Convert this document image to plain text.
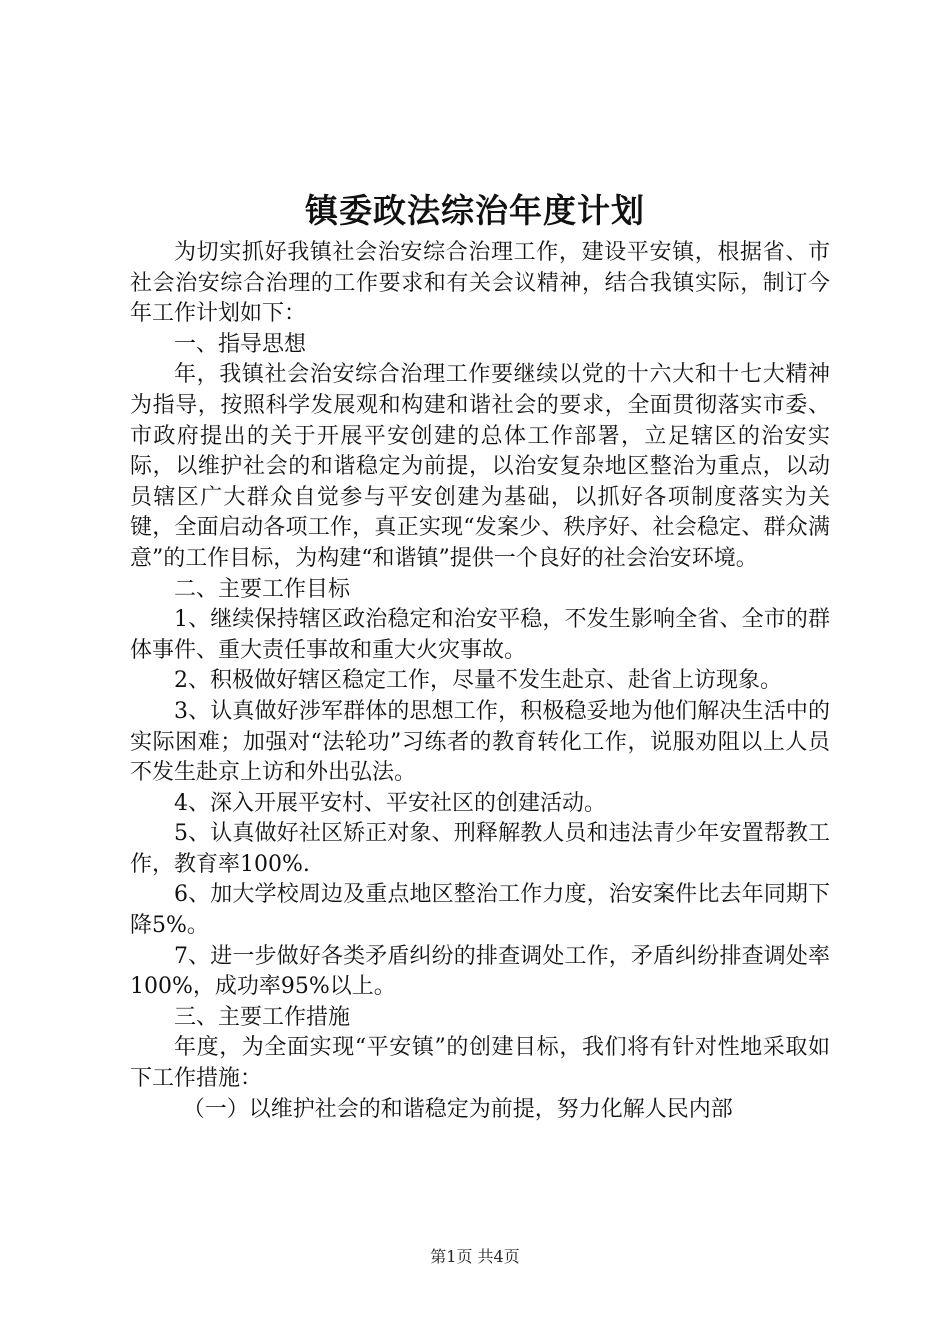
镇委政法综治年度计划

为切实抓好我镇社会治安综合治理工作，建设平安镇，根据省、市社会治安综合治理的工作要求和有关会议精神，结合我镇实际，制订今年工作计划如下：

一、指导思想

年，我镇社会治安综合治理工作要继续以党的十六大和十七大精神为指导，按照科学发展观和构建和谐社会的要求，全面贯彻落实市委、市政府提出的关于开展平安创建的总体工作部署，立足辖区的治安实际，以维护社会的和谐稳定为前提，以治安复杂地区整治为重点，以动员辖区广大群众自觉参与平安创建为基础，以抓好各项制度落实为关键，全面启动各项工作，真正实现“发案少、秩序好、社会稳定、群众满意”的工作目标，为构建“和谐镇”提供一个良好的社会治安环境。

二、主要工作目标

1、继续保持辖区政治稳定和治安平稳，不发生影响全省、全市的群体事件、重大责任事故和重大火灾事故。

2、积极做好辖区稳定工作，尽量不发生赴京、赴省上访现象。

3、认真做好涉军群体的思想工作，积极稳妥地为他们解决生活中的实际困难；加强对“法轮功”习练者的教育转化工作，说服劝阻以上人员不发生赴京上访和外出弘法。

4、深入开展平安村、平安社区的创建活动。

5、认真做好社区矫正对象、刑释解教人员和违法青少年安置帮教工作，教育率100%.

6、加大学校周边及重点地区整治工作力度，治安案件比去年同期下降5%。

7、进一步做好各类矛盾纠纷的排查调处工作，矛盾纠纷排查调处率100%，成功率95%以上。

三、主要工作措施

年度，为全面实现“平安镇”的创建目标，我们将有针对性地采取如下工作措施：

（一）以维护社会的和谐稳定为前提，努力化解人民内部

第1页 共4页
